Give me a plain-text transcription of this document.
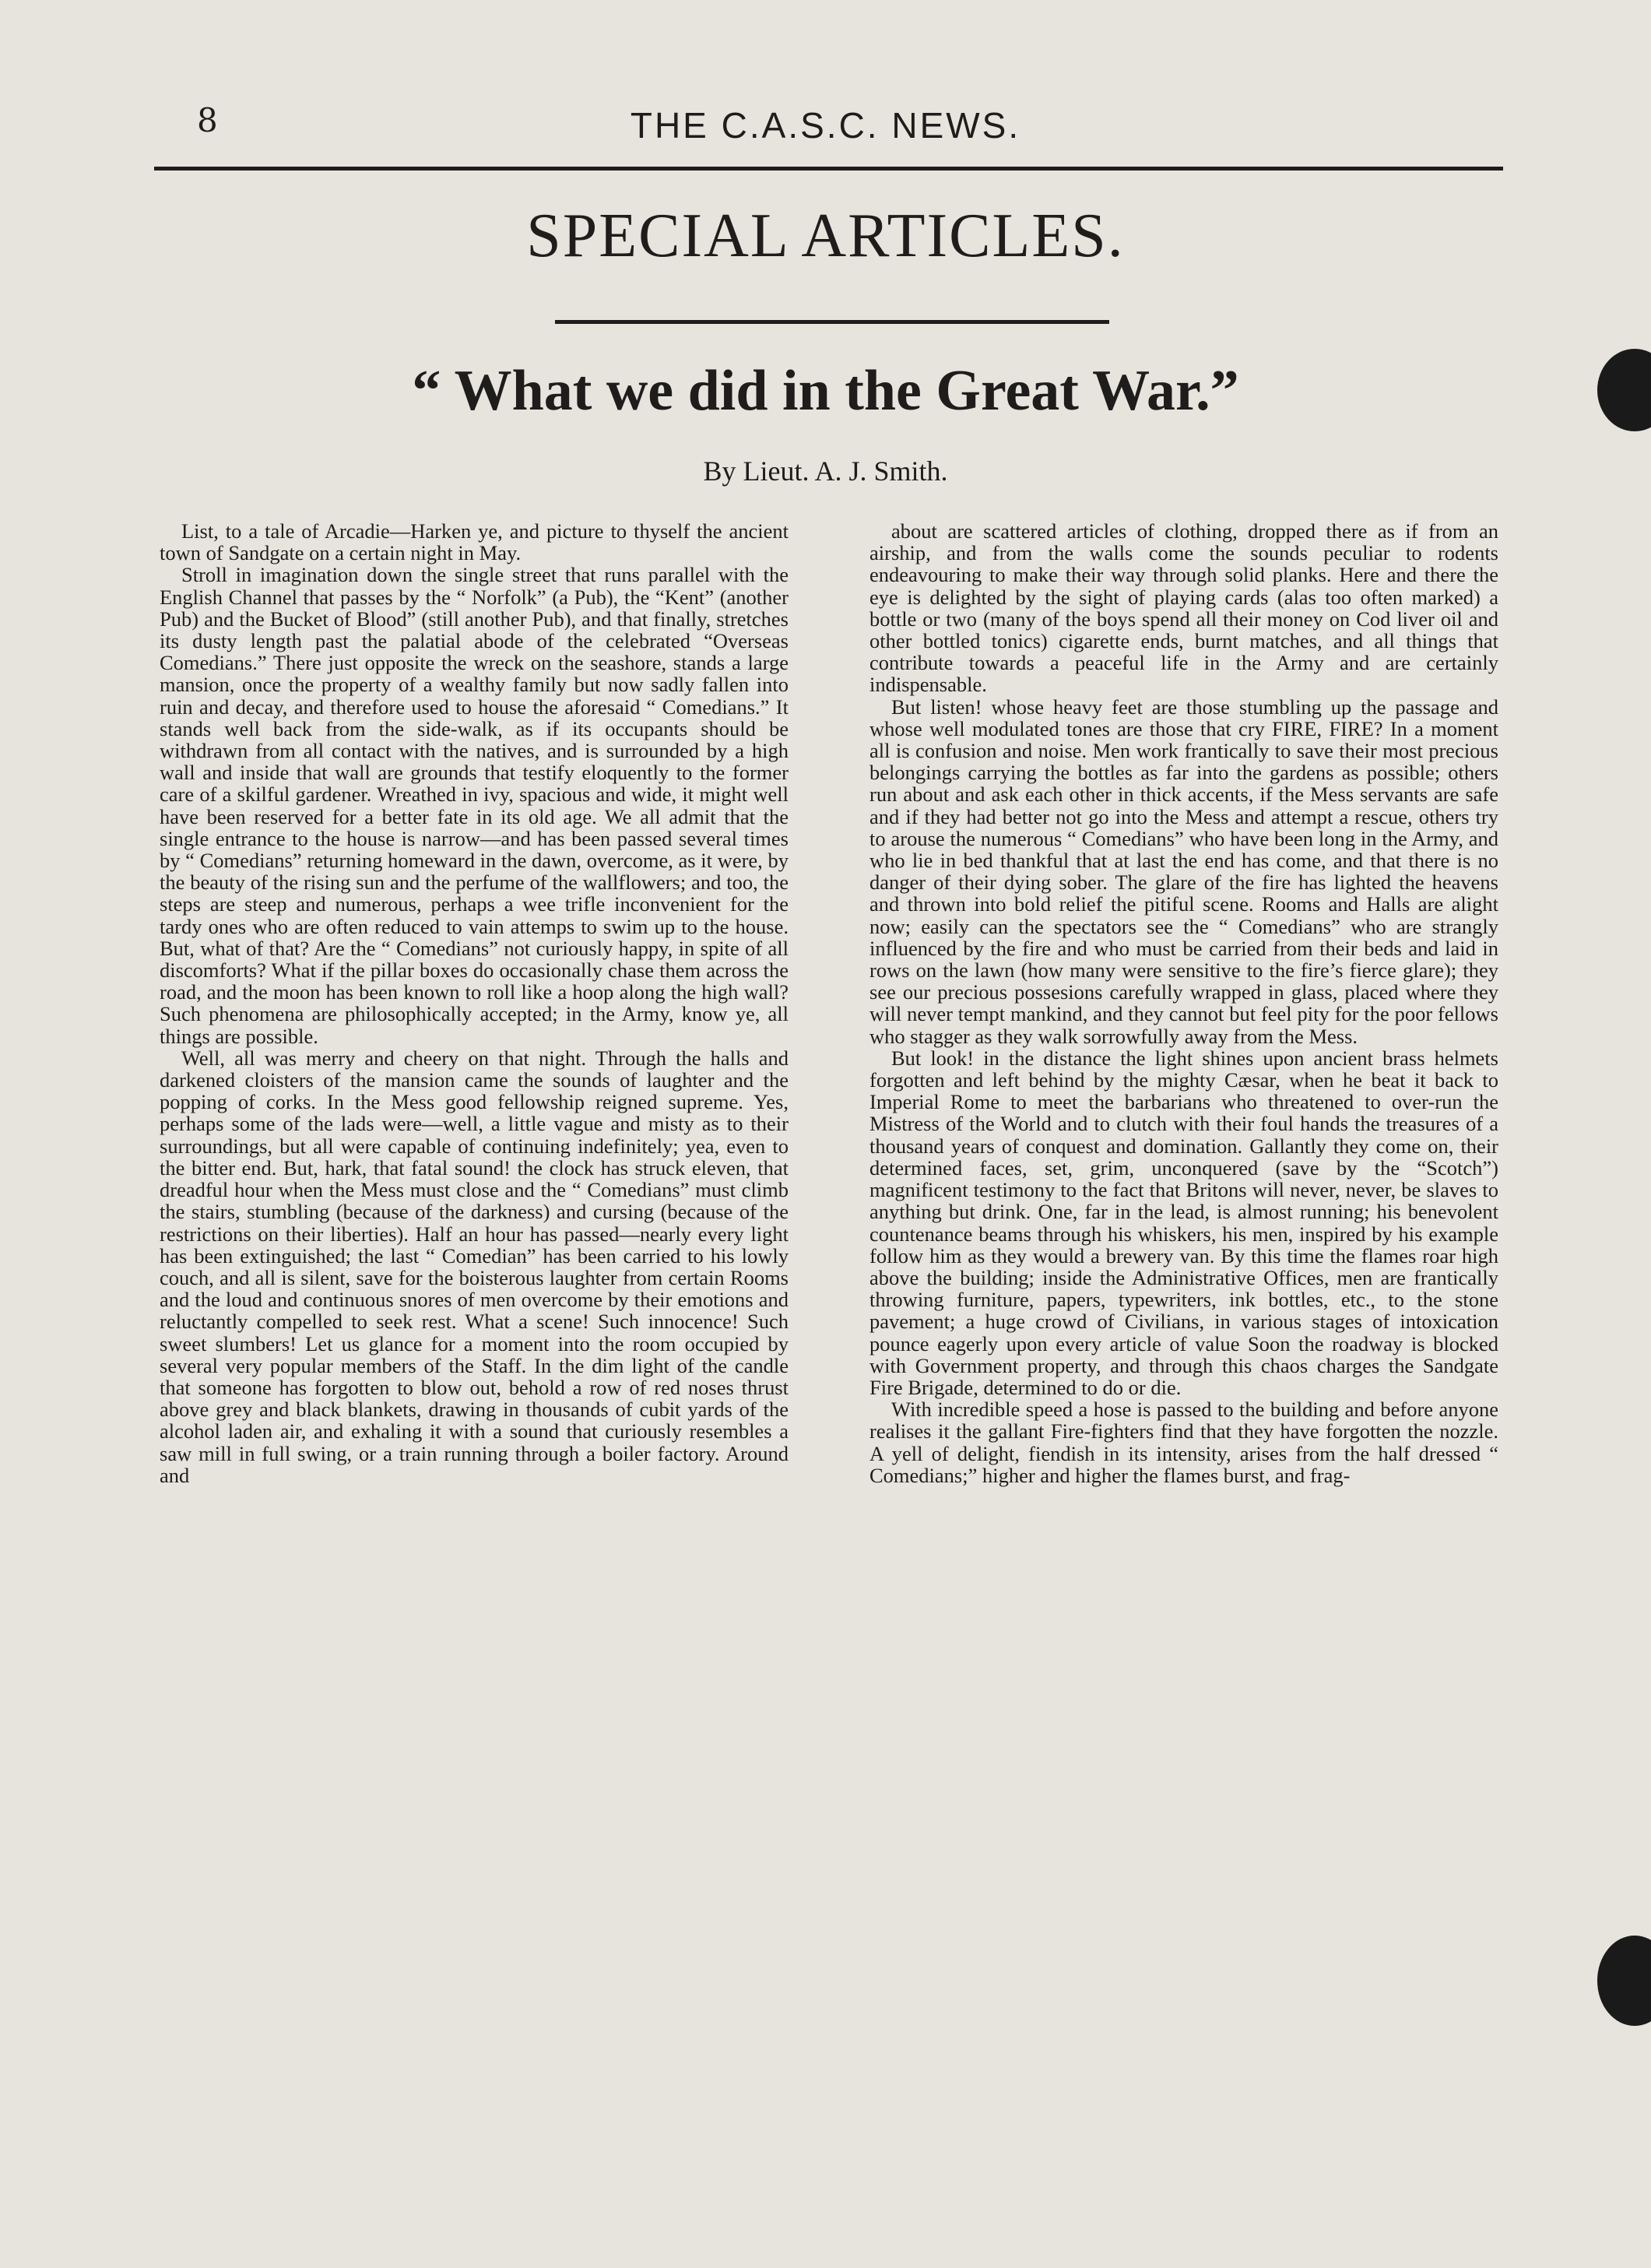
8	THE C.A.S.C. NEWS.
SPECIAL ARTICLES.
“ What we did in the Great War.”
By Lieut. A. J. Smith.

List, to a tale of Arcadie—Harken ye, and picture to thyself the ancient town of Sandgate on a certain night in May.

Stroll in imagination down the single street that runs parallel with the English Channel that passes by the “ Norfolk” (a Pub), the “Kent” (another Pub) and the Bucket of Blood” (still another Pub), and that finally, stretches its dusty length past the palatial abode of the celebrated “Overseas Comedians.” There just opposite the wreck on the seashore, stands a large mansion, once the property of a wealthy family but now sadly fallen into ruin and decay, and therefore used to house the aforesaid “ Comedians.” It stands well back from the side-walk, as if its occupants should be withdrawn from all contact with the natives, and is surrounded by a high wall and inside that wall are grounds that testify eloquently to the former care of a skilful gardener. Wreathed in ivy, spacious and wide, it might well have been reserved for a better fate in its old age. We all admit that the single entrance to the house is narrow—and has been passed several times by “ Comedians” returning homeward in the dawn, overcome, as it were, by the beauty of the rising sun and the perfume of the wallflowers; and too, the steps are steep and numerous, perhaps a wee trifle inconvenient for the tardy ones who are often reduced to vain attemps to swim up to the house. But, what of that? Are the “ Comedians” not curiously happy, in spite of all discomforts? What if the pillar boxes do occasionally chase them across the road, and the moon has been known to roll like a hoop along the high wall? Such phenomena are philosophically accepted; in the Army, know ye, all things are possible.

Well, all was merry and cheery on that night. Through the halls and darkened cloisters of the mansion came the sounds of laughter and the popping of corks. In the Mess good fellowship reigned supreme. Yes, perhaps some of the lads were—well, a little vague and misty as to their surroundings, but all were capable of continuing indefinitely; yea, even to the bitter end. But, hark, that fatal sound! the clock has struck eleven, that dreadful hour when the Mess must close and the “ Comedians” must climb the stairs, stumbling (because of the darkness) and cursing (because of the restrictions on their liberties). Half an hour has passed—nearly every light has been extinguished; the last “ Comedian” has been carried to his lowly couch, and all is silent, save for the boisterous laughter from certain Rooms and the loud and continuous snores of men overcome by their emotions and reluctantly compelled to seek rest. What a scene! Such innocence! Such sweet slumbers! Let us glance for a moment into the room occupied by several very popular members of the Staff. In the dim light of the candle that someone has forgotten to blow out, behold a row of red noses thrust above grey and black blankets, drawing in thousands of cubit yards of the alcohol laden air, and exhaling it with a sound that curiously resembles a saw mill in full swing, or a train running through a boiler factory. Around and

about are scattered articles of clothing, dropped there as if from an airship, and from the walls come the sounds peculiar to rodents endeavouring to make their way through solid planks. Here and there the eye is delighted by the sight of playing cards (alas too often marked) a bottle or two (many of the boys spend all their money on Cod liver oil and other bottled tonics) cigarette ends, burnt matches, and all things that contribute towards a peaceful life in the Army and are certainly indispensable.

But listen! whose heavy feet are those stumbling up the passage and whose well modulated tones are those that cry FIRE, FIRE? In a moment all is confusion and noise. Men work frantically to save their most precious belongings carrying the bottles as far into the gardens as possible; others run about and ask each other in thick accents, if the Mess servants are safe and if they had better not go into the Mess and attempt a rescue, others try to arouse the numerous “ Comedians” who have been long in the Army, and who lie in bed thankful that at last the end has come, and that there is no danger of their dying sober. The glare of the fire has lighted the heavens and thrown into bold relief the pitiful scene. Rooms and Halls are alight now; easily can the spectators see the “ Comedians” who are strangly influenced by the fire and who must be carried from their beds and laid in rows on the lawn (how many were sensitive to the fire’s fierce glare); they see our precious possesions carefully wrapped in glass, placed where they will never tempt mankind, and they cannot but feel pity for the poor fellows who stagger as they walk sorrowfully away from the Mess.

But look! in the distance the light shines upon ancient brass helmets forgotten and left behind by the mighty Cæsar, when he beat it back to Imperial Rome to meet the barbarians who threatened to over-run the Mistress of the World and to clutch with their foul hands the treasures of a thousand years of conquest and domination. Gallantly they come on, their determined faces, set, grim, unconquered (save by the “Scotch”) magnificent testimony to the fact that Britons will never, never, be slaves to anything but drink. One, far in the lead, is almost running; his benevolent countenance beams through his whiskers, his men, inspired by his example follow him as they would a brewery van. By this time the flames roar high above the building; inside the Administrative Offices, men are frantically throwing furniture, papers, typewriters, ink bottles, etc., to the stone pavement; a huge crowd of Civilians, in various stages of intoxication pounce eagerly upon every article of value Soon the roadway is blocked with Government property, and through this chaos charges the Sandgate Fire Brigade, determined to do or die.

With incredible speed a hose is passed to the building and before anyone realises it the gallant Fire-fighters find that they have forgotten the nozzle. A yell of delight, fiendish in its intensity, arises from the half dressed “ Comedians;” higher and higher the flames burst, and frag-
